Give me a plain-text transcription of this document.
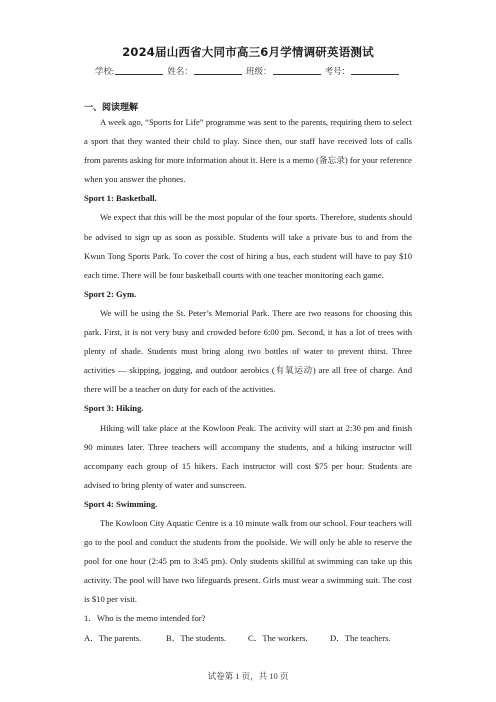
2024届山西省大同市高三6月学情调研英语测试
学校:	姓名：	班级：	考号：
一、阅读理解

A week ago, “Sports for Life” programme was sent to the parents, requiring them to select a sport that they wanted their child to play. Since then, our staff have received lots of calls from parents asking for more information about it. Here is a memo (备忘录) for your reference when you answer the phones.

Sport 1: Basketball.

We expect that this will be the most popular of the four sports. Therefore, students should be advised to sign up as soon as possible. Students will take a private bus to and from the Kwun Tong Sports Park. To cover the cost of hiring a bus, each student will have to pay $10 each time. There will be four basketball courts with one teacher monitoring each game.

Sport 2: Gym.

We will be using the St. Peter’s Memorial Park. There are two reasons for choosing this park. First, it is not very busy and crowded before 6:00 pm. Second, it has a lot of trees with plenty of shade. Students must bring along two bottles of water to prevent thirst. Three activities — skipping, jogging, and outdoor aerobics (有氧运动) are all free of charge. And there will be a teacher on duty for each of the activities.

Sport 3: Hiking.

Hiking will take place at the Kowloon Peak. The activity will start at 2:30 pm and finish 90 minutes later. Three teachers will accompany the students, and a hiking instructor will accompany each group of 15 hikers. Each instructor will cost $75 per hour. Students are advised to bring plenty of water and sunscreen.

Sport 4: Swimming.

The Kowloon City Aquatic Centre is a 10 minute walk from our school. Four teachers will go to the pool and conduct the students from the poolside. We will only be able to reserve the pool for one hour (2:45 pm to 3:45 pm). Only students skillful at swimming can take up this activity. The pool will have two lifeguards present. Girls must wear a swimming suit. The cost is $10 per visit.

1．Who is the memo intended for?

A．The parents.	B．The students.	C．The workers.	D．The teachers.
试卷第 1 页，共 10 页
